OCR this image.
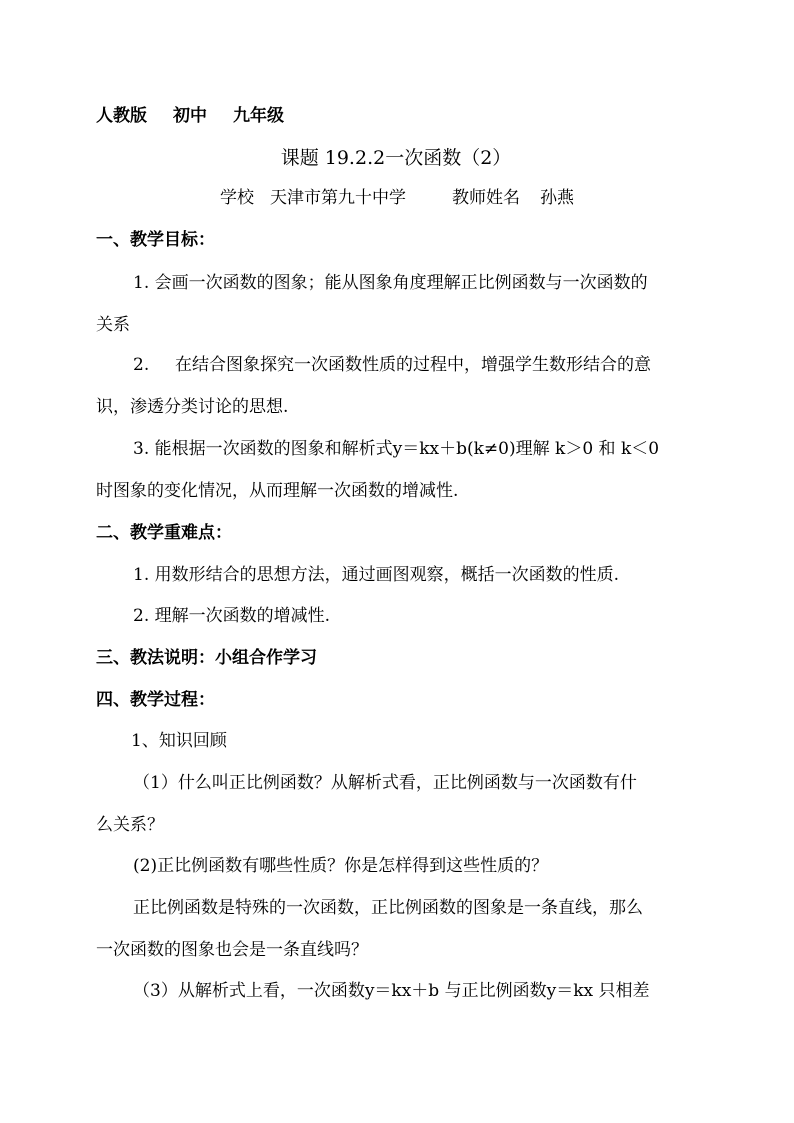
人教版 初中 九年级
课题 19.2.2一次函数（2）
学校 天津市第九十中学	教师姓名 孙燕
一、教学目标：
1. 会画一次函数的图象；能从图象角度理解正比例函数与一次函数的
关系
2. 在结合图象探究一次函数性质的过程中，增强学生数形结合的意
识，渗透分类讨论的思想.
3. 能根据一次函数的图象和解析式y＝kx＋b(k≠0)理解 k＞0 和 k＜0
时图象的变化情况，从而理解一次函数的增减性.
二、教学重难点：
1. 用数形结合的思想方法，通过画图观察，概括一次函数的性质.
2. 理解一次函数的增减性.
三、教法说明：小组合作学习
四、教学过程：
1、知识回顾
（1）什么叫正比例函数？从解析式看，正比例函数与一次函数有什
么关系？
(2)正比例函数有哪些性质？你是怎样得到这些性质的？
正比例函数是特殊的一次函数，正比例函数的图象是一条直线，那么
一次函数的图象也会是一条直线吗？
（3）从解析式上看，一次函数y＝kx＋b 与正比例函数y＝kx 只相差
